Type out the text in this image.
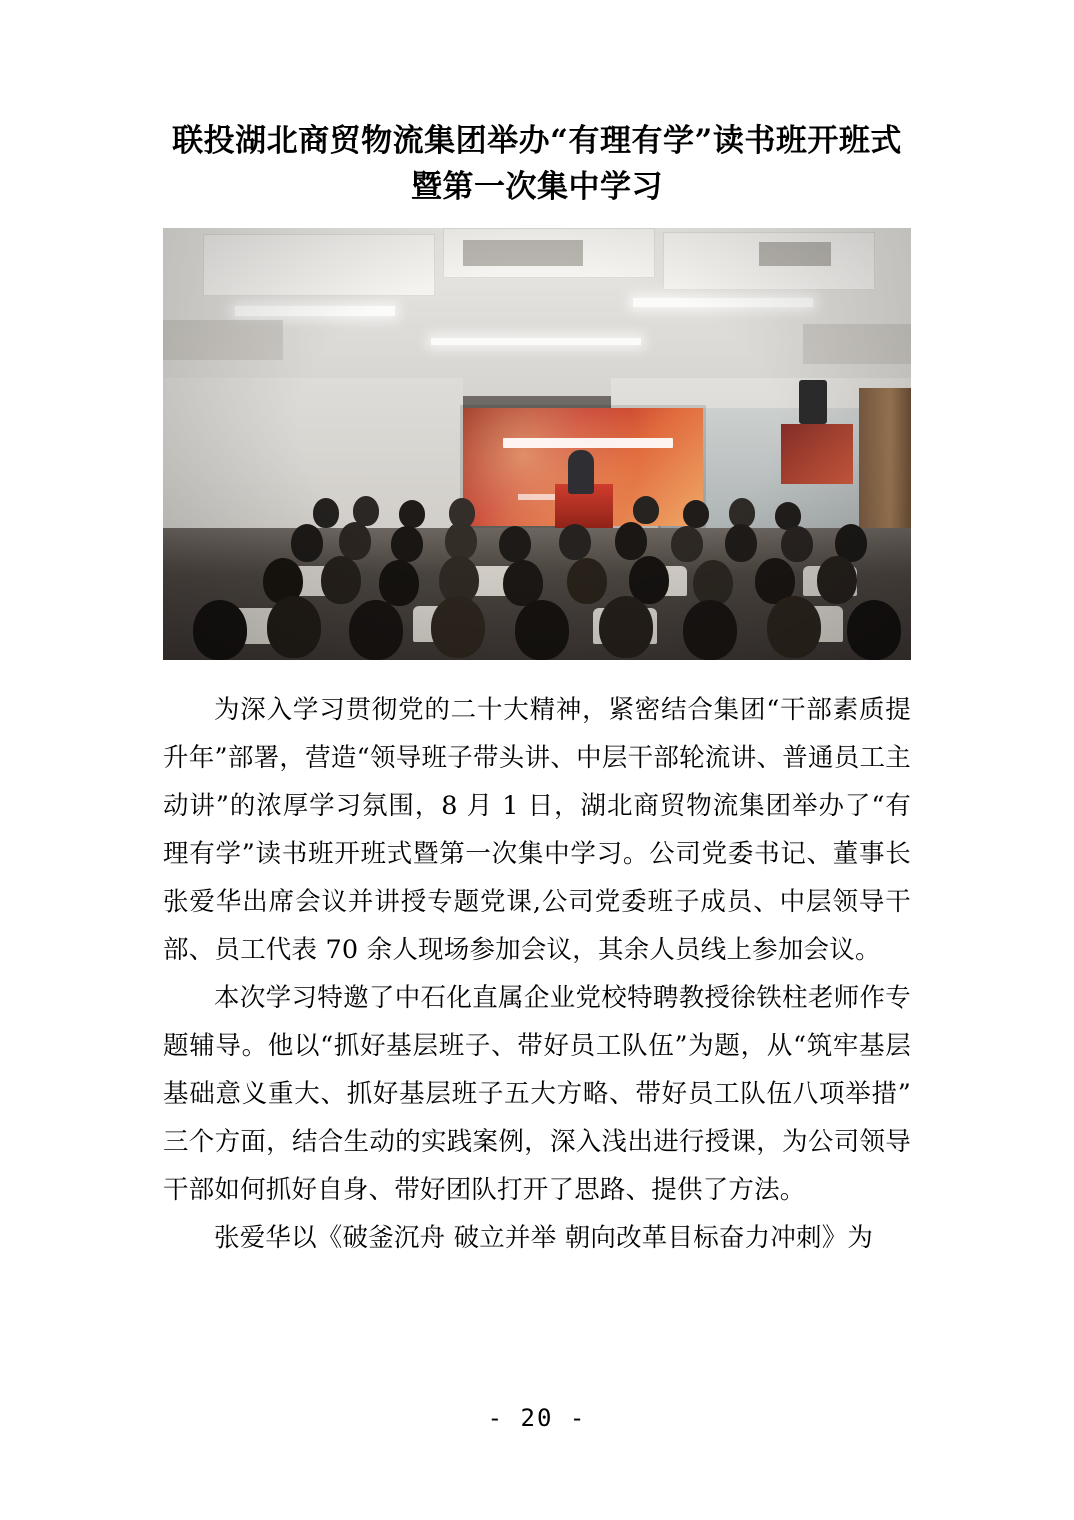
联投湖北商贸物流集团举办“有理有学”读书班开班式
暨第一次集中学习

为深入学习贯彻党的二十大精神，紧密结合集团“干部素质提升年”部署，营造“领导班子带头讲、中层干部轮流讲、普通员工主动讲”的浓厚学习氛围，8 月 1 日，湖北商贸物流集团举办了“有理有学”读书班开班式暨第一次集中学习。公司党委书记、董事长张爱华出席会议并讲授专题党课,公司党委班子成员、中层领导干部、员工代表 70 余人现场参加会议，其余人员线上参加会议。

本次学习特邀了中石化直属企业党校特聘教授徐铁柱老师作专题辅导。他以“抓好基层班子、带好员工队伍”为题，从“筑牢基层基础意义重大、抓好基层班子五大方略、带好员工队伍八项举措”三个方面，结合生动的实践案例，深入浅出进行授课，为公司领导干部如何抓好自身、带好团队打开了思路、提供了方法。

张爱华以《破釜沉舟 破立并举 朝向改革目标奋力冲刺》为

- 20 -
